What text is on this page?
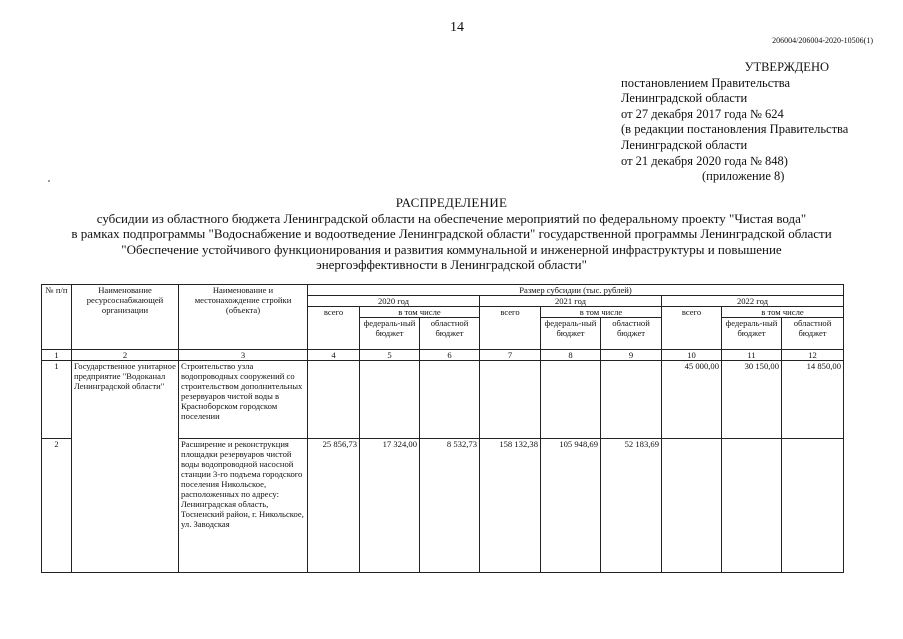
14
206004/206004-2020-10506(1)
УТВЕРЖДЕНО
постановлением Правительства
Ленинградской области
от 27 декабря 2017 года № 624
(в редакции постановления Правительства
Ленинградской области
от 21 декабря 2020 года № 848)
(приложение 8)
РАСПРЕДЕЛЕНИЕ
субсидии из областного бюджета Ленинградской области на обеспечение мероприятий по федеральному проекту "Чистая вода"
в рамках подпрограммы "Водоснабжение и водоотведение Ленинградской области" государственной программы Ленинградской области
"Обеспечение устойчивого функционирования и развития коммунальной и инженерной инфраструктуры и повышение
энергоэффективности в Ленинградской области"
№ п/п	Наименование ресурсоснабжающей организации	Наименование и местонахождение стройки (объекта)	Размер субсидии (тыс. рублей)								
			2020 год			2021 год			2022 год		
			всего	в том числе		всего	в том числе		всего	в том числе	
				федераль-ный бюджет	областной бюджет		федераль-ный бюджет	областной бюджет		федераль-ный бюджет	областной бюджет
1	2	3	4	5	6	7	8	9	10	11	12
1	Государственное унитарное предприятие "Водоканал Ленинградской области"	Строительство узла водопроводных сооружений со строительством дополнительных резервуаров чистой воды в Красноборском городском поселении							45 000,00	30 150,00	14 850,00
2		Расширение и реконструкция площадки резервуаров чистой воды водопроводной насосной станции 3-го подъема городского поселения Никольское, расположенных по адресу: Ленинградская область, Тосненский район, г. Никольское, ул. Заводская	25 856,73	17 324,00	8 532,73	158 132,38	105 948,69	52 183,69			
